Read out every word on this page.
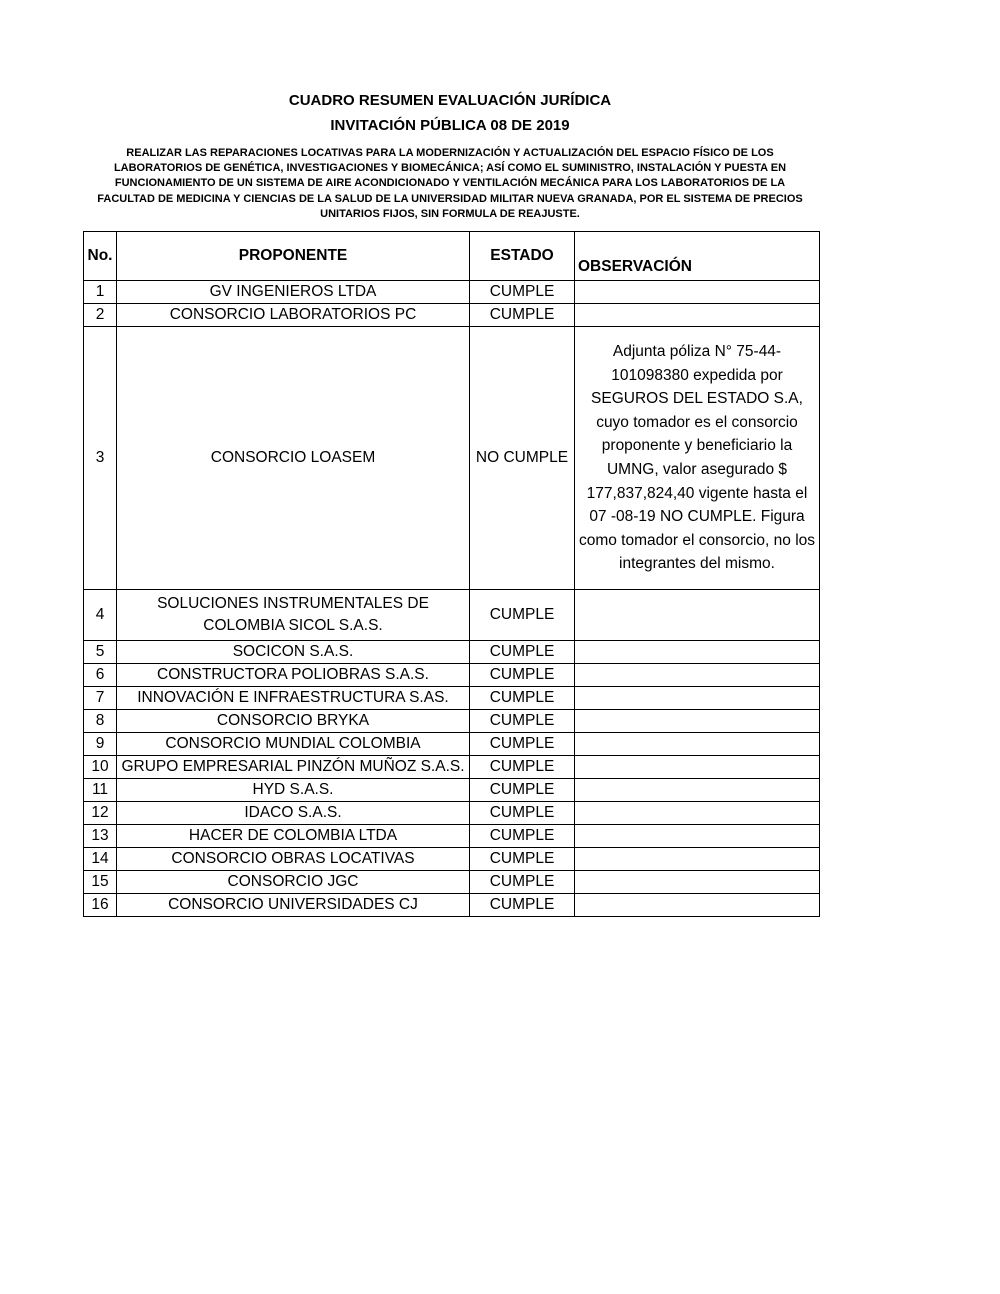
CUADRO RESUMEN EVALUACIÓN JURÍDICA
INVITACIÓN PÚBLICA 08 DE 2019
REALIZAR LAS REPARACIONES LOCATIVAS PARA LA MODERNIZACIÓN Y ACTUALIZACIÓN DEL ESPACIO FÍSICO DE LOS LABORATORIOS DE GENÉTICA, INVESTIGACIONES Y BIOMECÁNICA; ASÍ COMO EL SUMINISTRO, INSTALACIÓN Y PUESTA EN FUNCIONAMIENTO DE UN SISTEMA DE AIRE ACONDICIONADO Y VENTILACIÓN MECÁNICA PARA LOS LABORATORIOS DE LA FACULTAD DE MEDICINA Y CIENCIAS DE LA SALUD DE LA UNIVERSIDAD MILITAR NUEVA GRANADA, POR EL SISTEMA DE PRECIOS UNITARIOS FIJOS, SIN FORMULA DE REAJUSTE.
No.	PROPONENTE	ESTADO	OBSERVACIÓN
1	GV INGENIEROS LTDA	CUMPLE	
2	CONSORCIO LABORATORIOS PC	CUMPLE	
3	CONSORCIO LOASEM	NO CUMPLE	Adjunta póliza N° 75-44-101098380 expedida por SEGUROS DEL ESTADO S.A, cuyo tomador es el consorcio proponente y beneficiario la UMNG, valor asegurado $ 177,837,824,40 vigente hasta el 07 -08-19 NO CUMPLE. Figura como tomador el consorcio, no los integrantes del mismo.
4	SOLUCIONES INSTRUMENTALES DE COLOMBIA SICOL S.A.S.	CUMPLE	
5	SOCICON S.A.S.	CUMPLE	
6	CONSTRUCTORA POLIOBRAS S.A.S.	CUMPLE	
7	INNOVACIÓN E INFRAESTRUCTURA S.AS.	CUMPLE	
8	CONSORCIO BRYKA	CUMPLE	
9	CONSORCIO MUNDIAL COLOMBIA	CUMPLE	
10	GRUPO EMPRESARIAL PINZÓN MUÑOZ S.A.S.	CUMPLE	
11	HYD S.A.S.	CUMPLE	
12	IDACO S.A.S.	CUMPLE	
13	HACER DE COLOMBIA LTDA	CUMPLE	
14	CONSORCIO OBRAS LOCATIVAS	CUMPLE	
15	CONSORCIO JGC	CUMPLE	
16	CONSORCIO UNIVERSIDADES CJ	CUMPLE	
